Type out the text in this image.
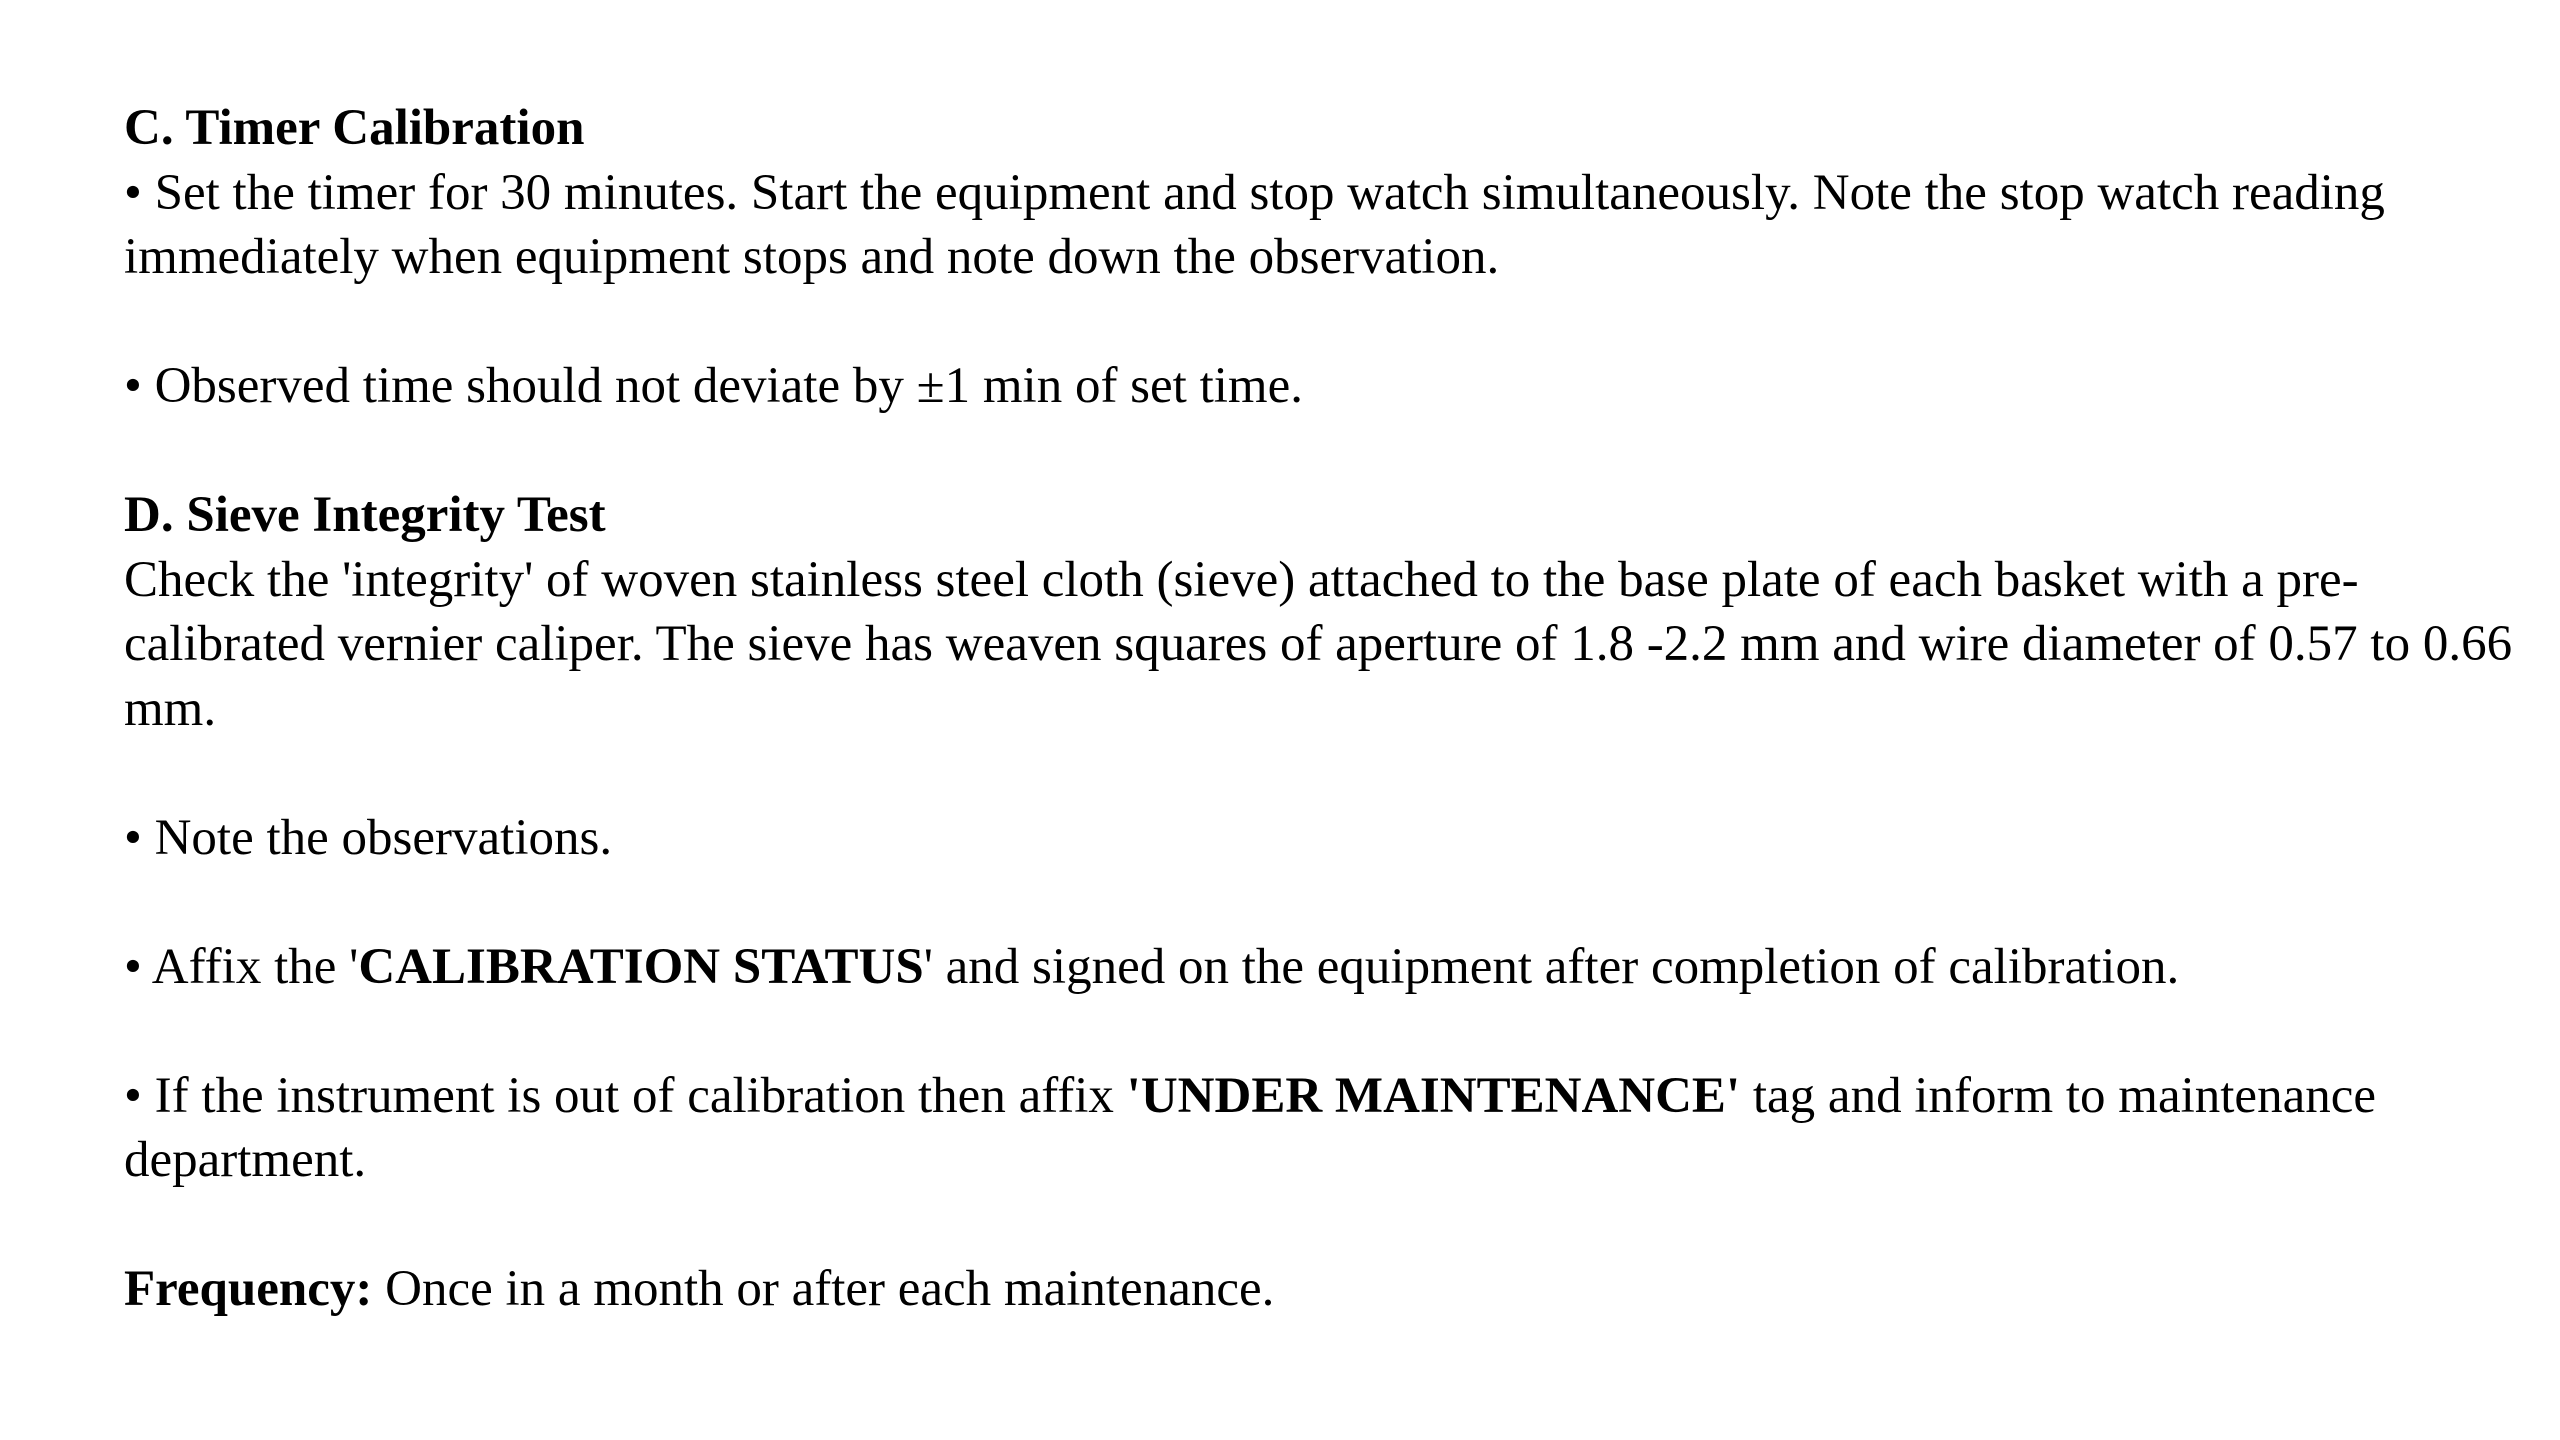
C. Timer Calibration

• Set the timer for 30 minutes. Start the equipment and stop watch simultaneously. Note the stop watch reading immediately when equipment stops and note down the observation.

• Observed time should not deviate by ±1 min of set time.

D. Sieve Integrity Test

Check the 'integrity' of woven stainless steel cloth (sieve) attached to the base plate of each basket with a pre-calibrated vernier caliper. The sieve has weaven squares of aperture of 1.8 -2.2 mm and wire diameter of 0.57 to 0.66 mm.

• Note the observations.

• Affix the 'CALIBRATION STATUS' and signed on the equipment after completion of calibration.

• If the instrument is out of calibration then affix 'UNDER MAINTENANCE' tag and inform to maintenance department.

Frequency: Once in a month or after each maintenance.
